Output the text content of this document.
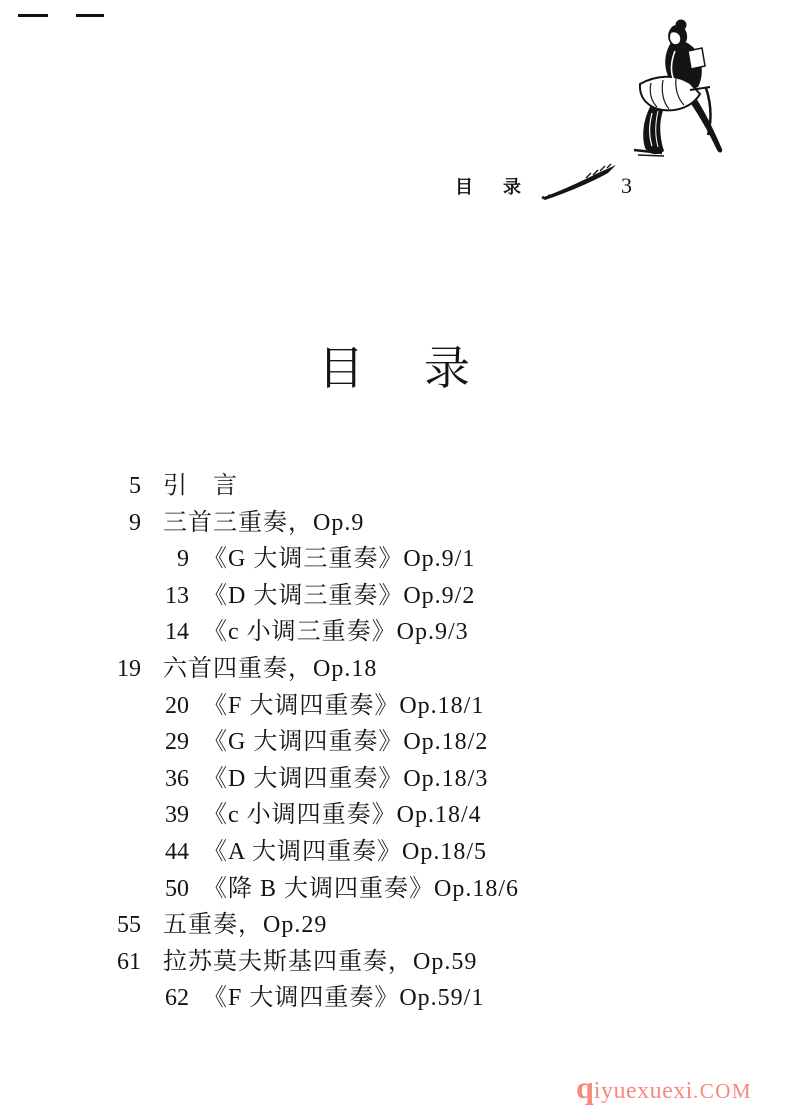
目 录	3
目 录
5 引　言
9 三首三重奏，Op.9
9 《G 大调三重奏》Op.9/1
13 《D 大调三重奏》Op.9/2
14 《c 小调三重奏》Op.9/3
19 六首四重奏，Op.18
20 《F 大调四重奏》Op.18/1
29 《G 大调四重奏》Op.18/2
36 《D 大调四重奏》Op.18/3
39 《c 小调四重奏》Op.18/4
44 《A 大调四重奏》Op.18/5
50 《降 B 大调四重奏》Op.18/6
55 五重奏，Op.29
61 拉苏莫夫斯基四重奏，Op.59
62 《F 大调四重奏》Op.59/1
q iyuexuexi .COM
